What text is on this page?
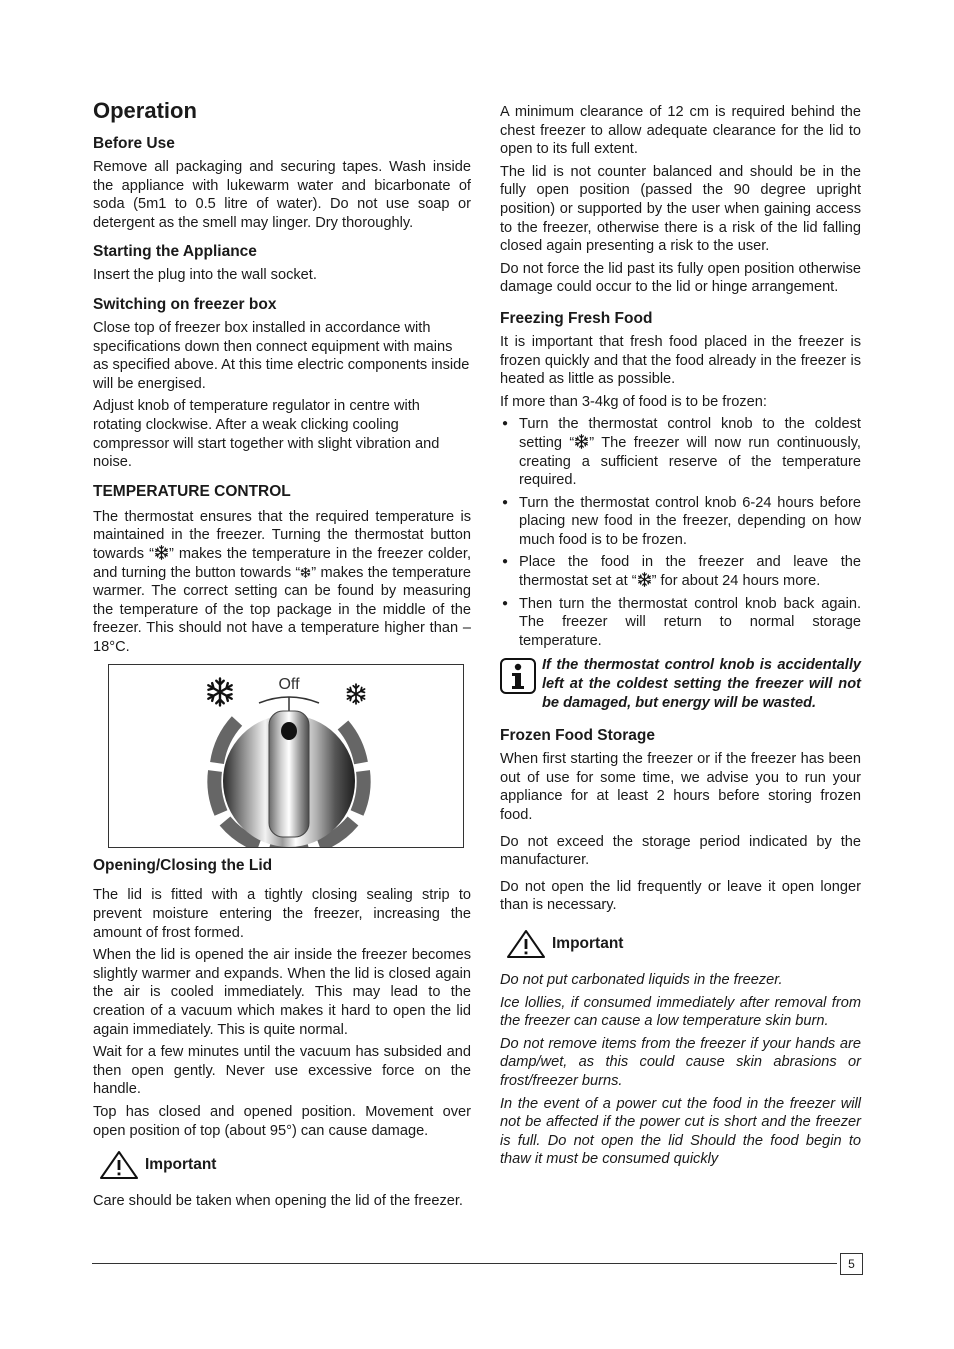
Operation
Before Use

Remove all packaging and securing tapes. Wash inside the appliance with lukewarm water and bicarbonate of soda (5m1 to 0.5 litre of water). Do not use soap or detergent as the smell may linger. Dry thoroughly.

Starting the Appliance

Insert the plug into the wall socket.

Switching on freezer box

Close top of freezer box installed in accordance with specifications down then connect equipment with mains as specified above. At this time electric components inside will be energised.

Adjust knob of temperature regulator in centre with rotating clockwise. After a weak clicking cooling compressor will start together with slight vibration and noise.

TEMPERATURE CONTROL

The thermostat ensures that the required temperature is maintained in the freezer. Turning the thermostat button towards “ ” makes the temperature in the freezer colder, and turning the button towards “ ” makes the temperature warmer. The correct setting can be found by measuring the temperature of the top package in the middle of the freezer. This should not have a temperature higher than –18°C.

Off
Opening/Closing the Lid

The lid is fitted with a tightly closing sealing strip to prevent moisture entering the freezer, increasing the amount of frost formed.

When the lid is opened the air inside the freezer becomes slightly warmer and expands. When the lid is closed again the air is cooled immediately. This may lead to the creation of a vacuum which makes it hard to open the lid again immediately. This is quite normal.

Wait for a few minutes until the vacuum has subsided and then open gently. Never use excessive force on the handle.

Top has closed and opened position. Movement over open position of top (about 95°) can cause damage.

Important

Care should be taken when opening the lid of the freezer.

A minimum clearance of 12 cm is required behind the chest freezer to allow adequate clearance for the lid to open to its full extent.

The lid is not counter balanced and should be in the fully open position (passed the 90 degree upright position) or supported by the user when gaining access to the freezer, otherwise there is a risk of the lid falling closed again presenting a risk to the user.

Do not force the lid past its fully open position otherwise damage could occur to the lid or hinge arrangement.

Freezing Fresh Food

It is important that fresh food placed in the freezer is frozen quickly and that the food already in the freezer is heated as little as possible.

If more than 3-4kg of food is to be frozen:

● Turn the thermostat control knob to the coldest setting “ ” The freezer will now run continuously, creating a sufficient reserve of the temperature required.
● Turn the thermostat control knob 6-24 hours before placing new food in the freezer, depending on how much food is to be frozen.
● Place the food in the freezer and leave the thermostat set at “ ” for about 24 hours more.
● Then turn the thermostat control knob back again. The freezer will return to normal storage temperature.
If the thermostat control knob is accidentally left at the coldest setting the freezer will not be damaged, but energy will be wasted.
Frozen Food Storage

When first starting the freezer or if the freezer has been out of use for some time, we advise you to run your appliance for at least 2 hours before storing frozen food.

Do not exceed the storage period indicated by the manufacturer.

Do not open the lid frequently or leave it open longer than is necessary.

Important

Do not put carbonated liquids in the freezer.

Ice lollies, if consumed immediately after removal from the freezer can cause a low temperature skin burn.

Do not remove items from the freezer if your hands are damp/wet, as this could cause skin abrasions or frost/freezer burns.

In the event of a power cut the food in the freezer will not be affected if the power cut is short and the freezer is full. Do not open the lid Should the food begin to thaw it must be consumed quickly

5
